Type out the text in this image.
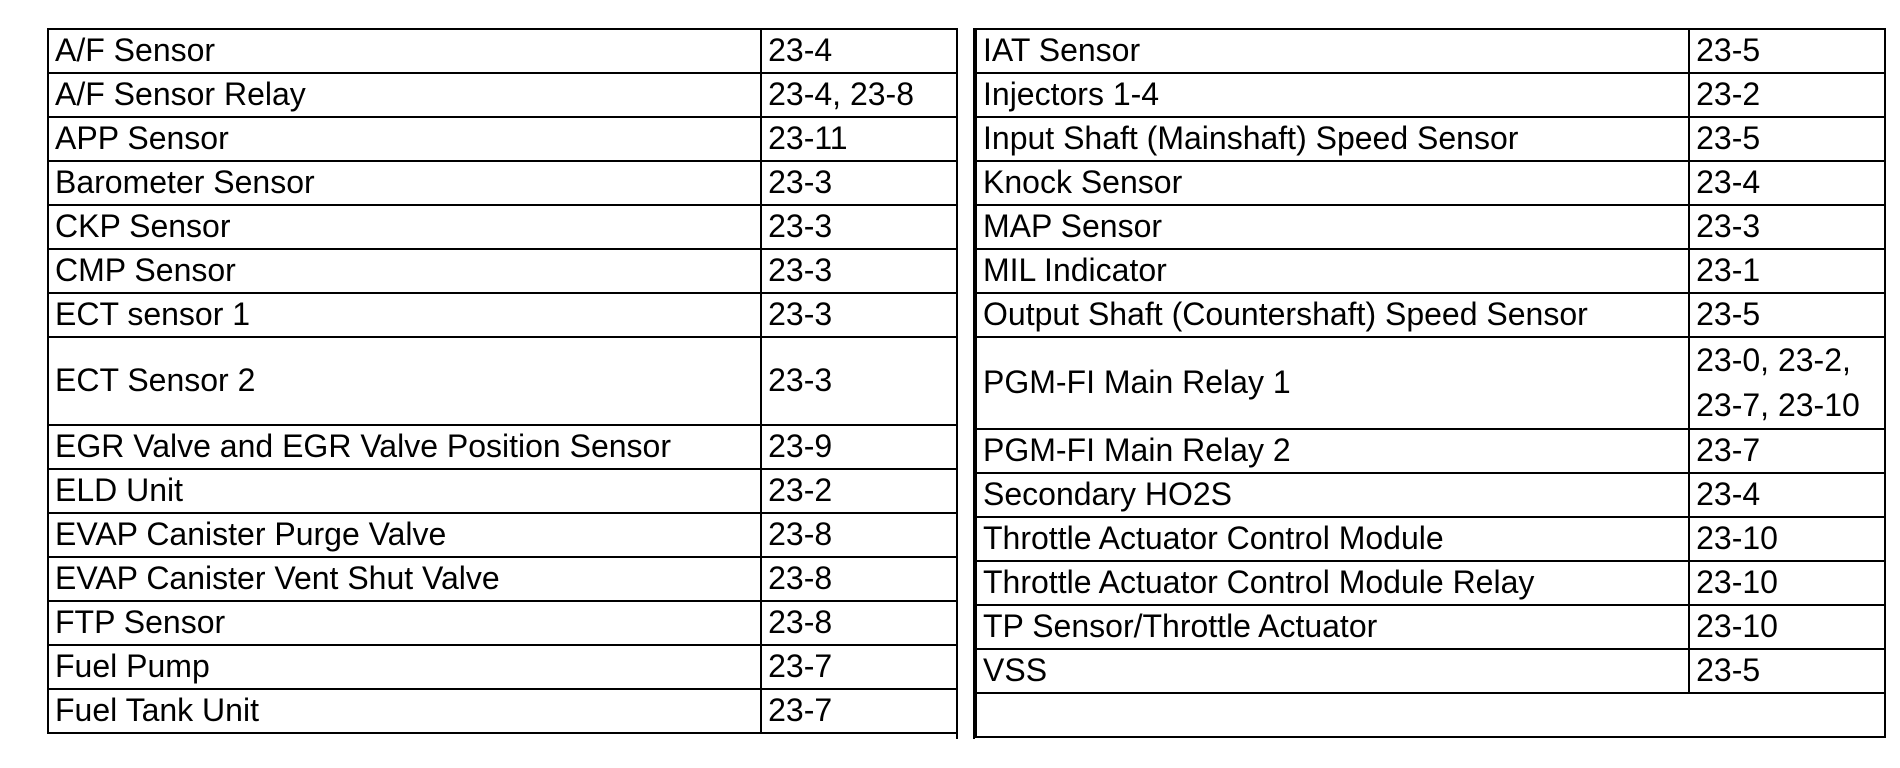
A/F Sensor	23-4
A/F Sensor Relay	23-4, 23-8
APP Sensor	23-11
Barometer Sensor	23-3
CKP Sensor	23-3
CMP Sensor	23-3
ECT sensor 1	23-3
ECT Sensor 2	23-3
EGR Valve and EGR Valve Position Sensor	23-9
ELD Unit	23-2
EVAP Canister Purge Valve	23-8
EVAP Canister Vent Shut Valve	23-8
FTP Sensor	23-8
Fuel Pump	23-7
Fuel Tank Unit	23-7
IAT Sensor	23-5
Injectors 1-4	23-2
Input Shaft (Mainshaft) Speed Sensor	23-5
Knock Sensor	23-4
MAP Sensor	23-3
MIL Indicator	23-1
Output Shaft (Countershaft) Speed Sensor	23-5
PGM-FI Main Relay 1	23-0, 23-2, 23-7, 23-10
PGM-FI Main Relay 2	23-7
Secondary HO2S	23-4
Throttle Actuator Control Module	23-10
Throttle Actuator Control Module Relay	23-10
TP Sensor/Throttle Actuator	23-10
VSS	23-5
